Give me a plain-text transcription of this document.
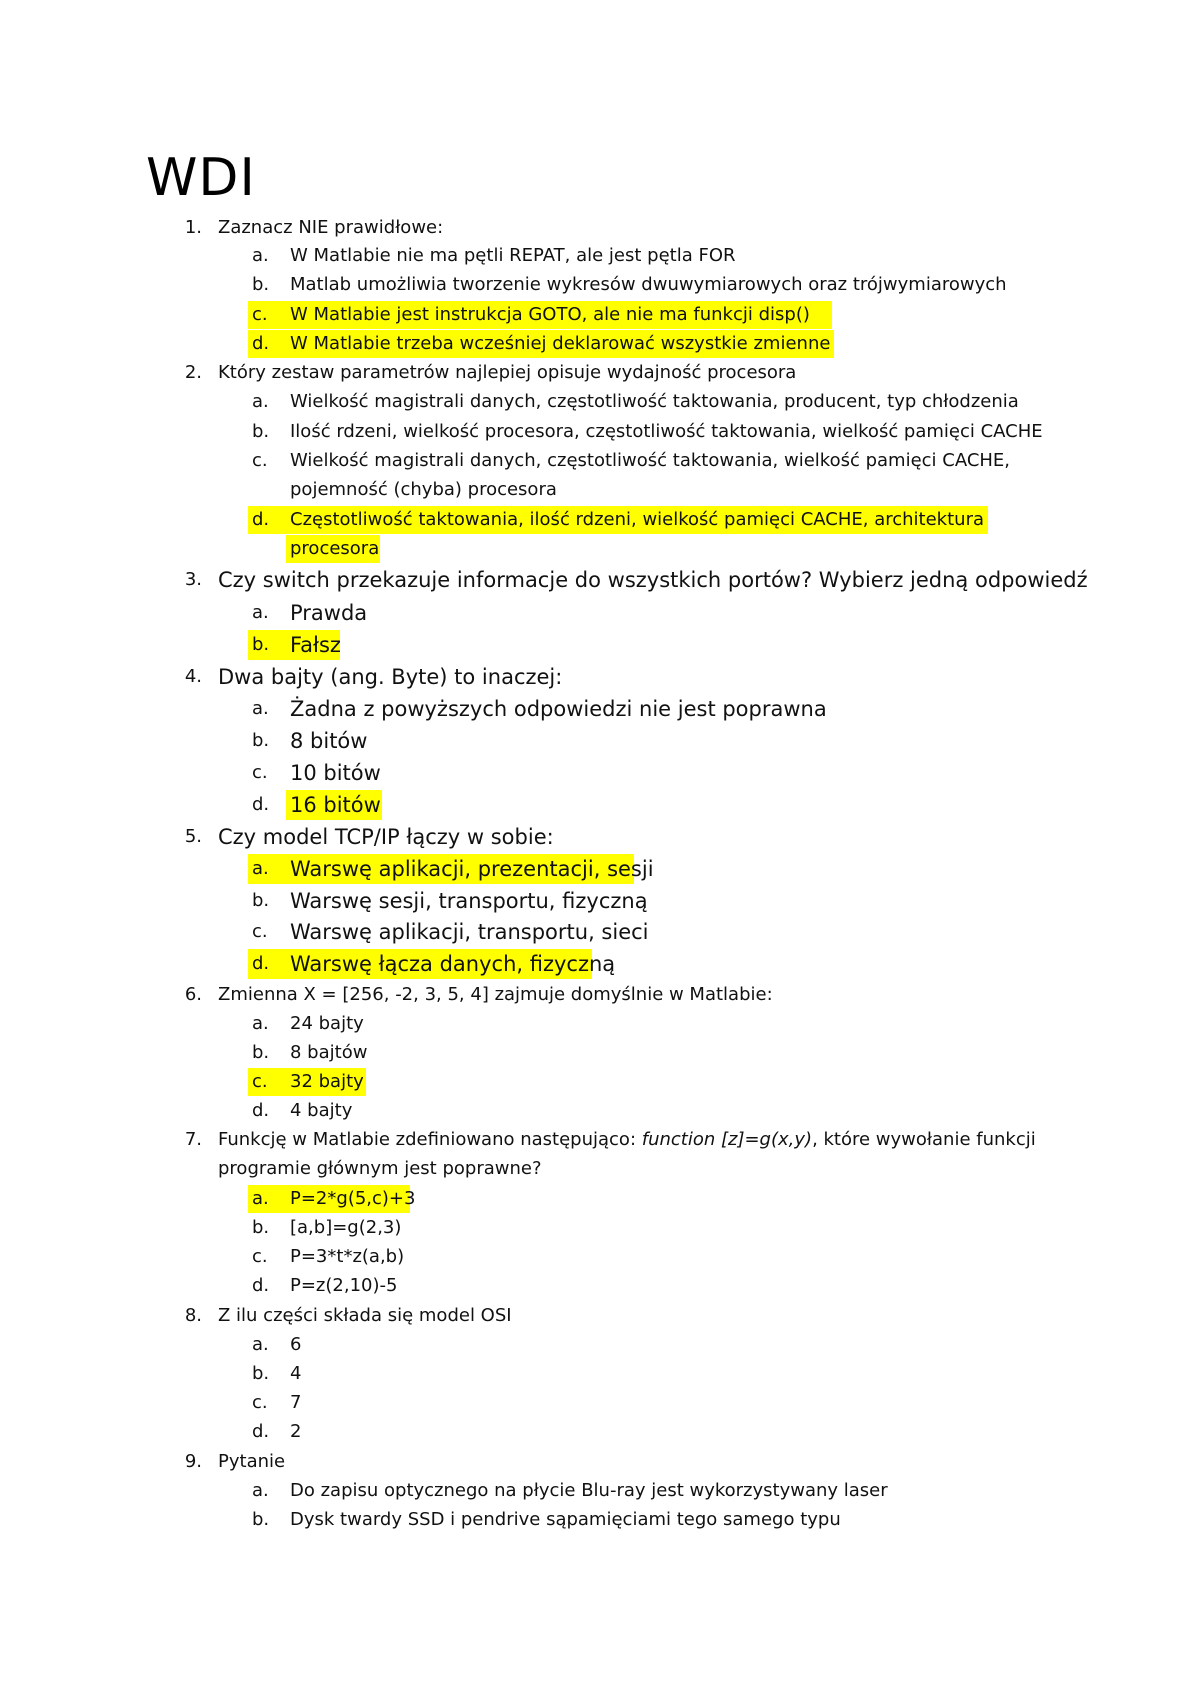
WDI
1. Zaznacz NIE prawidłowe:
a. W Matlabie nie ma pętli REPAT, ale jest pętla FOR
b. Matlab umożliwia tworzenie wykresów dwuwymiarowych oraz trójwymiarowych
c.	W Matlabie jest instrukcja GOTO, ale nie ma funkcji disp()
d. W Matlabie trzeba wcześniej deklarować wszystkie zmienne
2. Który zestaw parametrów najlepiej opisuje wydajność procesora
a. Wielkość magistrali danych, częstotliwość taktowania, producent, typ chłodzenia
b. Ilość rdzeni, wielkość procesora, częstotliwość taktowania, wielkość pamięci CACHE
c.	Wielkość magistrali danych, częstotliwość taktowania, wielkość pamięci CACHE,
pojemność (chyba) procesora
d. Częstotliwość taktowania, ilość rdzeni, wielkość pamięci CACHE, architektura
procesora
3. Czy switch przekazuje informacje do wszystkich portów? Wybierz jedną odpowiedź
a. Prawda
b. Fałsz
4. Dwa bajty (ang. Byte) to inaczej:
a. Żadna z powyższych odpowiedzi nie jest poprawna
b. 8 bitów
c.	10 bitów
d. 16 bitów
5. Czy model TCP/IP łączy w sobie:
a. Warswę aplikacji, prezentacji, sesji
b. Warswę sesji, transportu, fizyczną
c.	Warswę aplikacji, transportu, sieci
d. Warswę łącza danych, fizyczną
6. Zmienna X = [256, -2, 3, 5, 4] zajmuje domyślnie w Matlabie:
a. 24 bajty
b. 8 bajtów
c.	32 bajty
d. 4 bajty
7. Funkcję w Matlabie zdefiniowano następująco: function [z]=g(x,y), które wywołanie funkcji
programie głównym jest poprawne?
a. P=2*g(5,c)+3
b. [a,b]=g(2,3)
c.	P=3*t*z(a,b)
d. P=z(2,10)-5
8. Z ilu części składa się model OSI
a. 6
b. 4
c.	7
d. 2
9. Pytanie
a. Do zapisu optycznego na płycie Blu-ray jest wykorzystywany laser
b. Dysk twardy SSD i pendrive sąpamięciami tego samego typu
